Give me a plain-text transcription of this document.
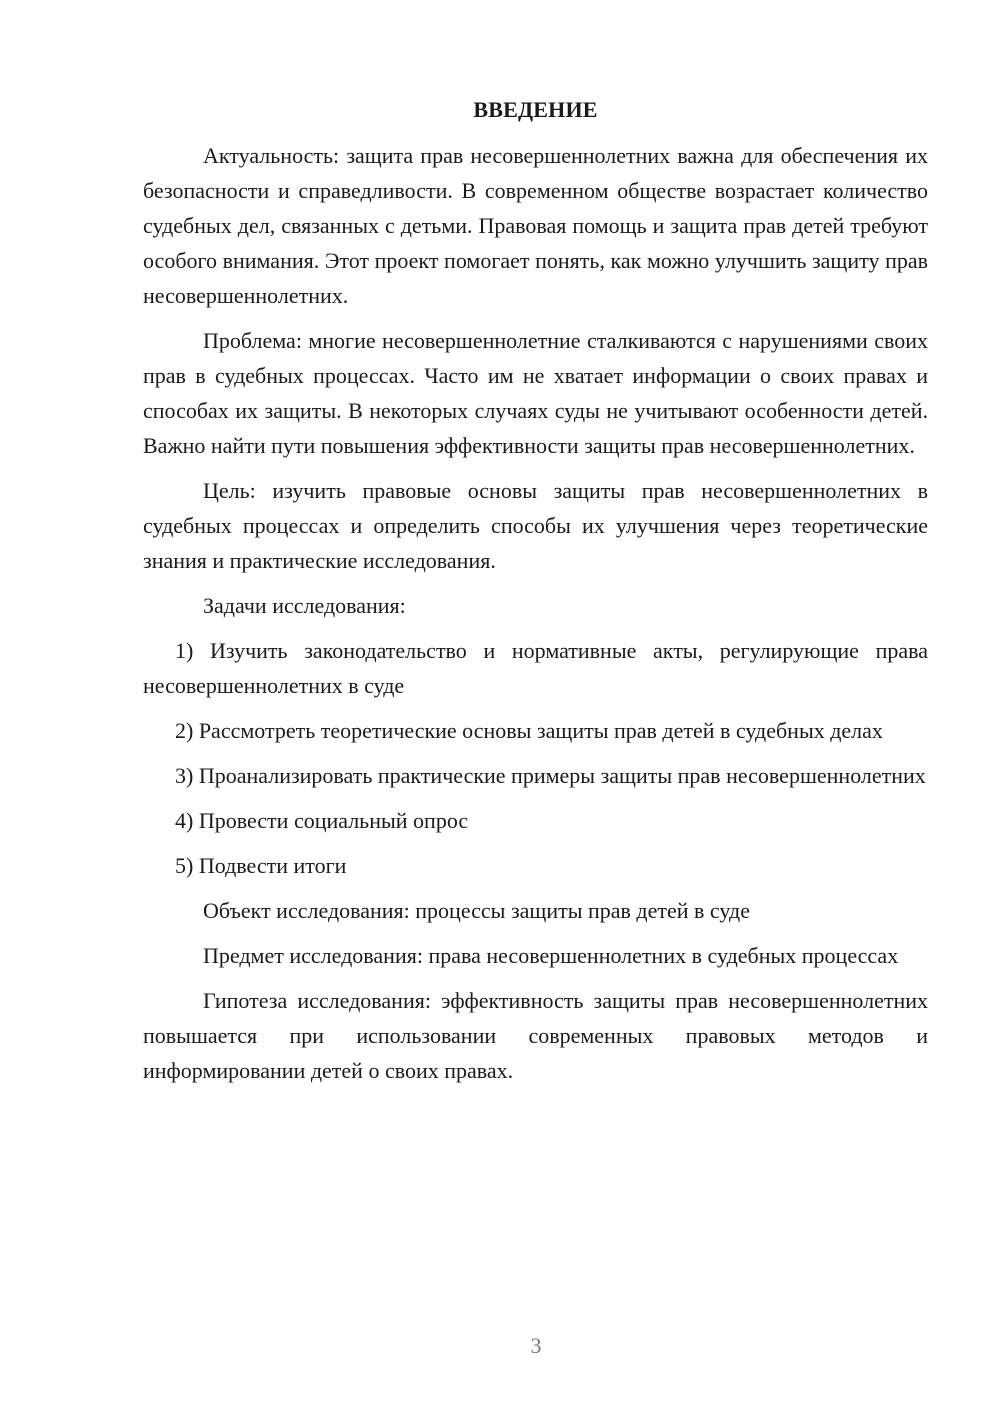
ВВЕДЕНИЕ

Актуальность: защита прав несовершеннолетних важна для обеспечения их безопасности и справедливости. В современном обществе возрастает количество судебных дел, связанных с детьми. Правовая помощь и защита прав детей требуют особого внимания. Этот проект помогает понять, как можно улучшить защиту прав несовершеннолетних.

Проблема: многие несовершеннолетние сталкиваются с нарушениями своих прав в судебных процессах. Часто им не хватает информации о своих правах и способах их защиты. В некоторых случаях суды не учитывают особенности детей. Важно найти пути повышения эффективности защиты прав несовершеннолетних.

Цель: изучить правовые основы защиты прав несовершеннолетних в судебных процессах и определить способы их улучшения через теоретические знания и практические исследования.

Задачи исследования:

1) Изучить законодательство и нормативные акты, регулирующие права несовершеннолетних в суде

2) Рассмотреть теоретические основы защиты прав детей в судебных делах

3) Проанализировать практические примеры защиты прав несовершеннолетних

4) Провести социальный опрос

5) Подвести итоги

Объект исследования: процессы защиты прав детей в суде

Предмет исследования: права несовершеннолетних в судебных процессах

Гипотеза исследования: эффективность защиты прав несовершеннолетних повышается при использовании современных правовых методов и информировании детей о своих правах.

3
